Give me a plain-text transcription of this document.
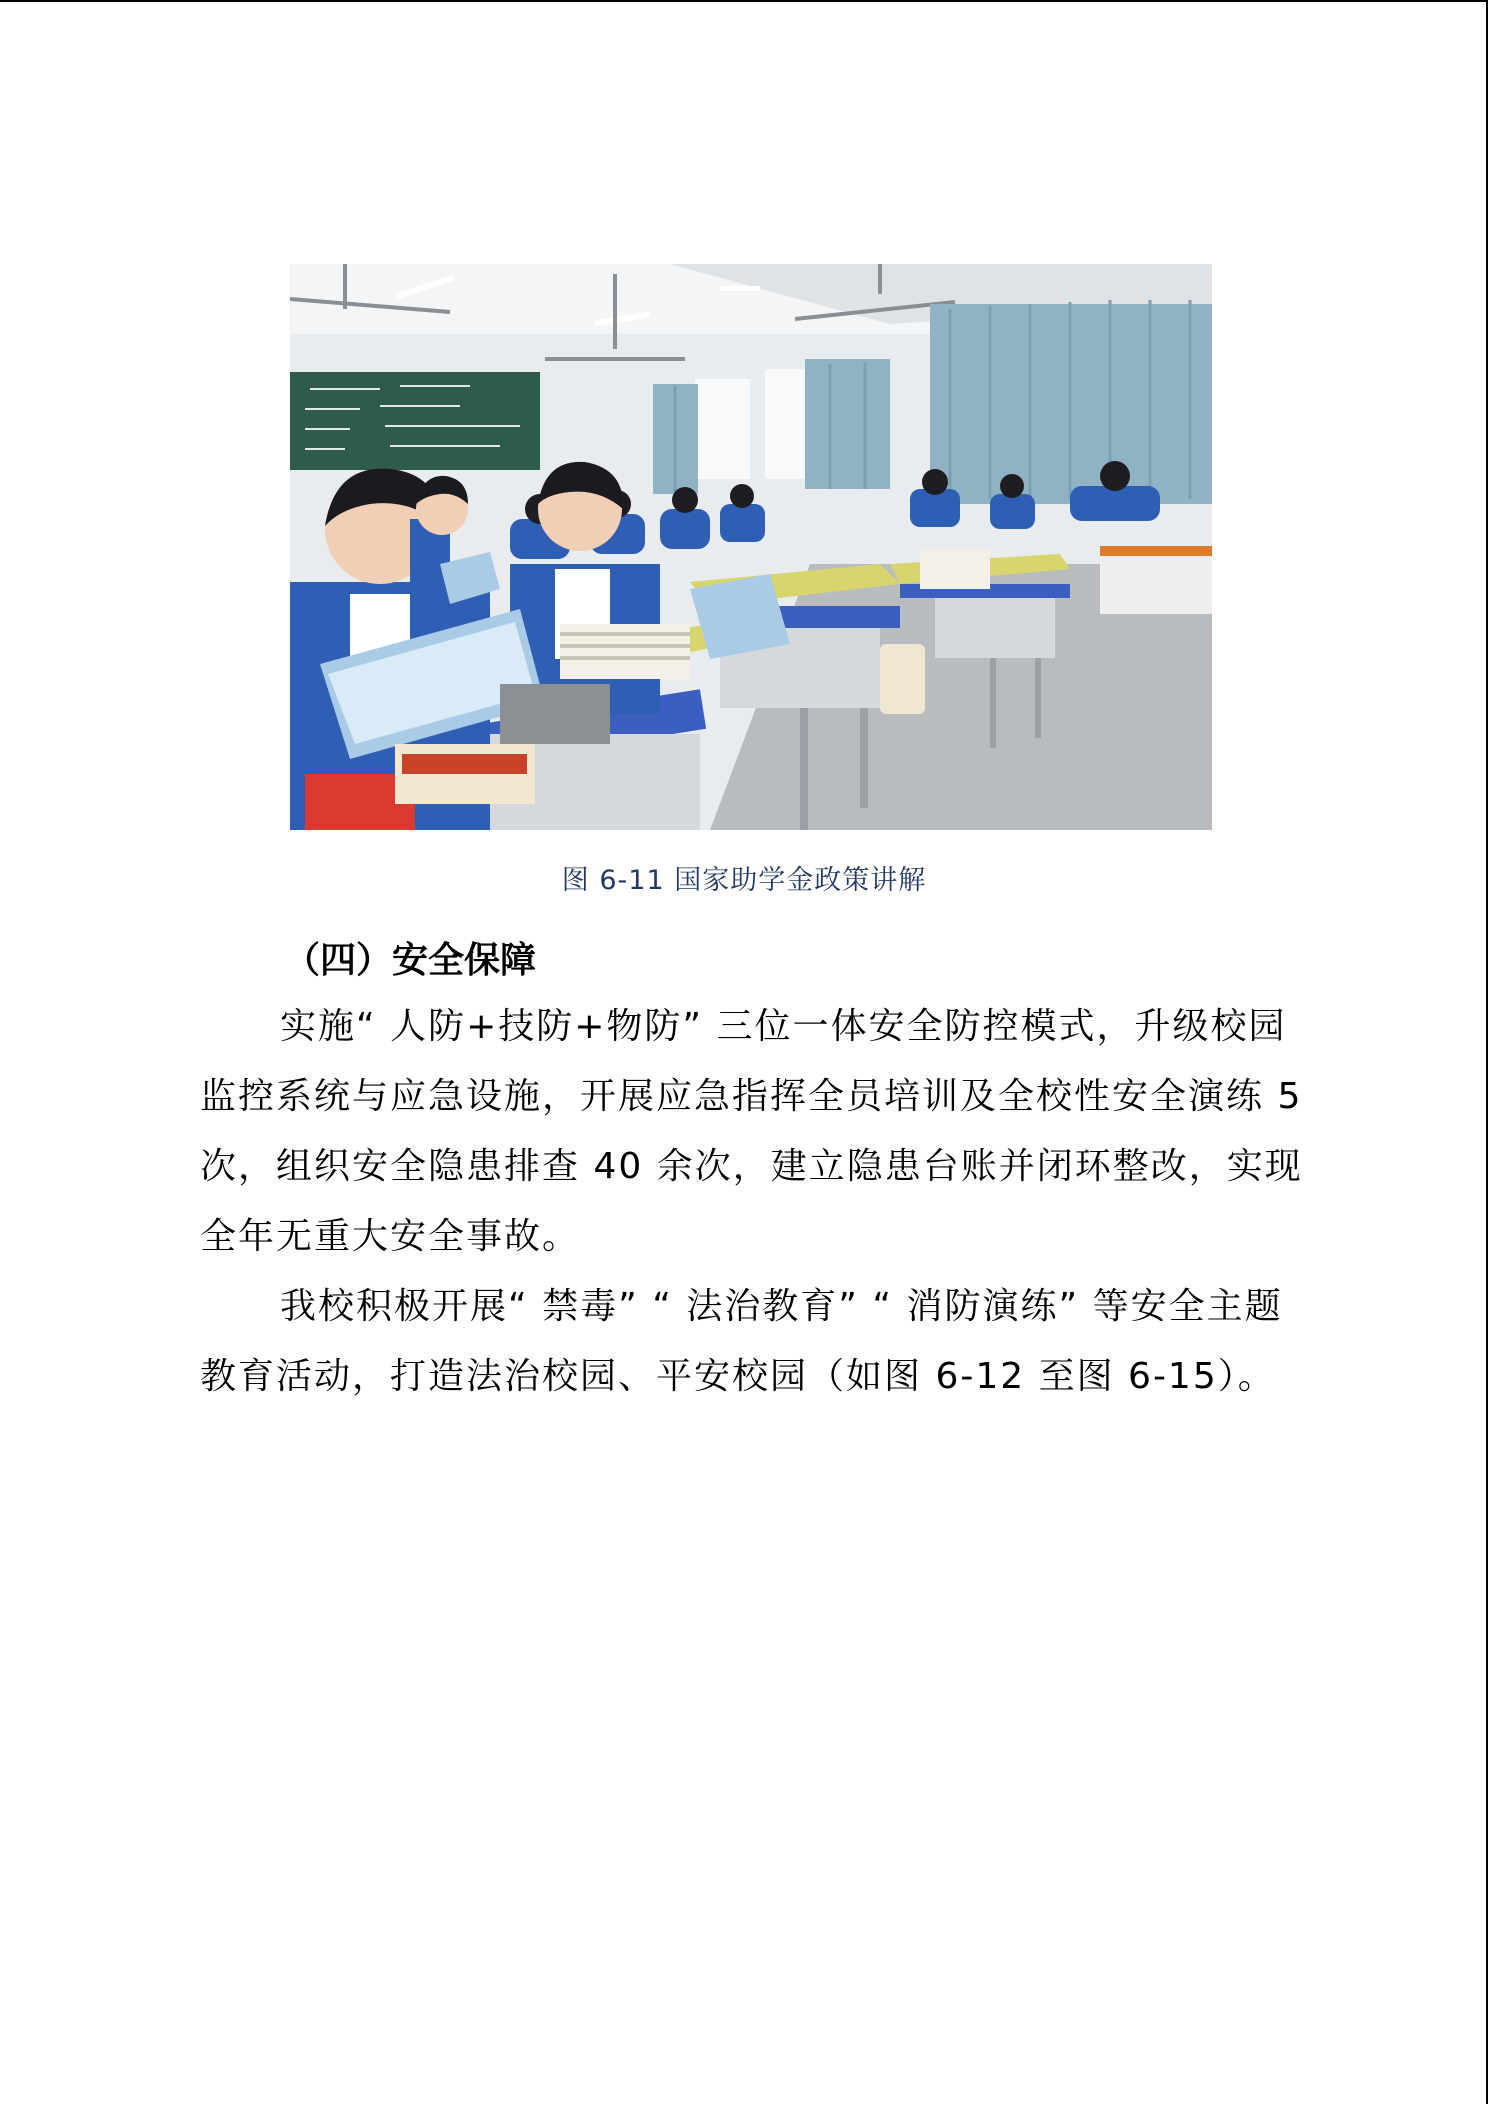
图 6-11 国家助学金政策讲解
（四）安全保障

实施“ 人防+技防+物防” 三位一体安全防控模式，升级校园监控系统与应急设施，开展应急指挥全员培训及全校性安全演练 5 次，组织安全隐患排查 40 余次，建立隐患台账并闭环整改，实现全年无重大安全事故。

我校积极开展“ 禁毒” “ 法治教育” “ 消防演练” 等安全主题教育活动，打造法治校园、平安校园（如图 6-12 至图 6-15）。
